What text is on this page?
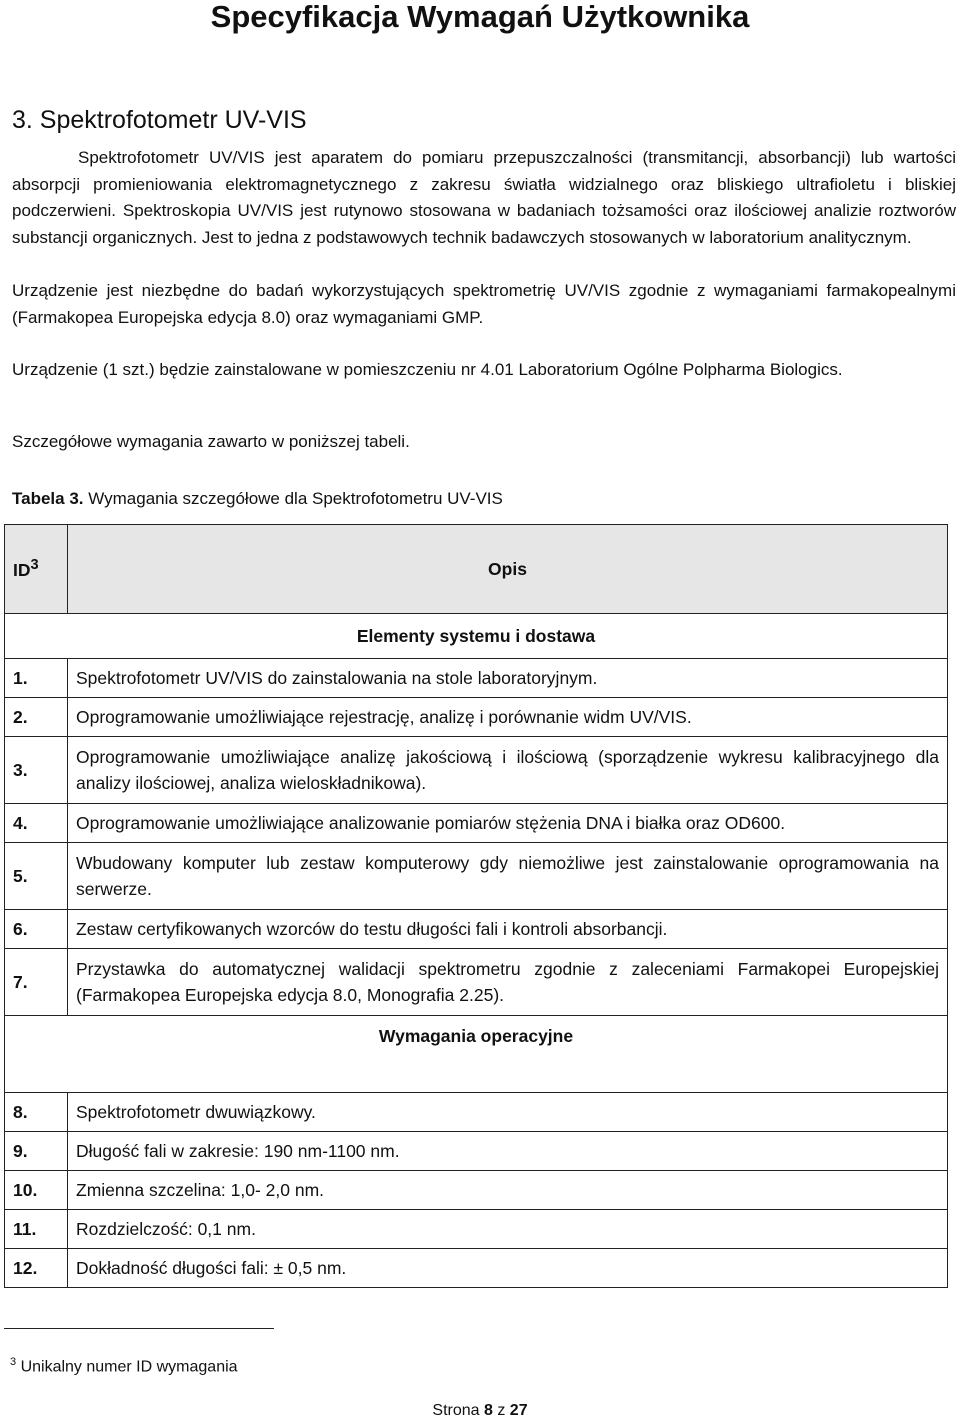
Specyfikacja Wymagań Użytkownika
3. Spektrofotometr UV-VIS

Spektrofotometr UV/VIS jest aparatem do pomiaru przepuszczalności (transmitancji, absorbancji) lub wartości absorpcji promieniowania elektromagnetycznego z zakresu światła widzialnego oraz bliskiego ultrafioletu i bliskiej podczerwieni. Spektroskopia UV/VIS jest rutynowo stosowana w badaniach tożsamości oraz ilościowej analizie roztworów substancji organicznych. Jest to jedna z podstawowych technik badawczych stosowanych w laboratorium analitycznym.

Urządzenie jest niezbędne do badań wykorzystujących spektrometrię UV/VIS zgodnie z wymaganiami farmakopealnymi (Farmakopea Europejska edycja 8.0) oraz wymaganiami GMP.

Urządzenie (1 szt.) będzie zainstalowane w pomieszczeniu nr 4.01 Laboratorium Ogólne Polpharma Biologics.

Szczegółowe wymagania zawarto w poniższej tabeli.

Tabela 3. Wymagania szczegółowe dla Spektrofotometru UV-VIS

$ID^3$	Opis
Elementy systemu i dostawa	
1.	Spektrofotometr UV/VIS do zainstalowania na stole laboratoryjnym.
2.	Oprogramowanie umożliwiające rejestrację, analizę i porównanie widm UV/VIS.
3.	Oprogramowanie umożliwiające analizę jakościową i ilościową (sporządzenie wykresu kalibracyjnego dla analizy ilościowej, analiza wieloskładnikowa).
4.	Oprogramowanie umożliwiające analizowanie pomiarów stężenia DNA i białka oraz OD600.
5.	Wbudowany komputer lub zestaw komputerowy gdy niemożliwe jest zainstalowanie oprogramowania na serwerze.
6.	Zestaw certyfikowanych wzorców do testu długości fali i kontroli absorbancji.
7.	Przystawka do automatycznej walidacji spektrometru zgodnie z zaleceniami Farmakopei Europejskiej (Farmakopea Europejska edycja 8.0, Monografia 2.25).
Wymagania operacyjne	
8.	Spektrofotometr dwuwiązkowy.
9.	Długość fali w zakresie: 190 nm-1100 nm.
10.	Zmienna szczelina: 1,0- 2,0 nm.
11.	Rozdzielczość: 0,1 nm.
12.	Dokładność długości fali: ± 0,5 nm.

$^3$ Unikalny numer ID wymagania

Strona 8 z 27
